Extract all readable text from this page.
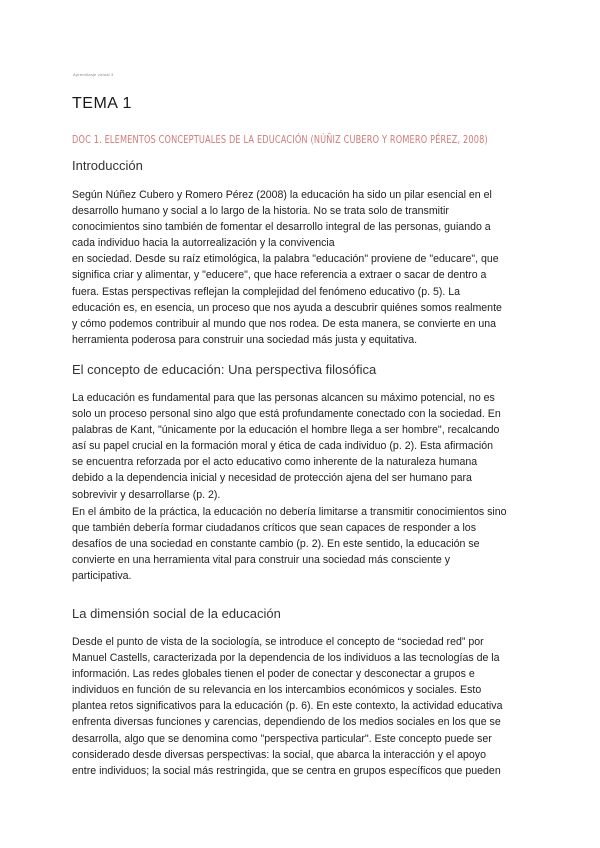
Aprendizaje virtual 3
TEMA 1
DOC 1. ELEMENTOS CONCEPTUALES DE LA EDUCACIÓN (NÚÑIZ CUBERO Y ROMERO PÉREZ, 2008)
Introducción
Según Núñez Cubero y Romero Pérez (2008) la educación ha sido un pilar esencial en el
desarrollo humano y social a lo largo de la historia. No se trata solo de transmitir
conocimientos sino también de fomentar el desarrollo integral de las personas, guiando a
cada individuo hacia la autorrealización y la convivencia
en sociedad. Desde su raíz etimológica, la palabra "educación" proviene de "educare", que
significa criar y alimentar, y "educere", que hace referencia a extraer o sacar de dentro a
fuera. Estas perspectivas reflejan la complejidad del fenómeno educativo (p. 5). La
educación es, en esencia, un proceso que nos ayuda a descubrir quiénes somos realmente
y cómo podemos contribuir al mundo que nos rodea. De esta manera, se convierte en una
herramienta poderosa para construir una sociedad más justa y equitativa.
El concepto de educación: Una perspectiva filosófica
La educación es fundamental para que las personas alcancen su máximo potencial, no es
solo un proceso personal sino algo que está profundamente conectado con la sociedad. En
palabras de Kant, "únicamente por la educación el hombre llega a ser hombre", recalcando
así su papel crucial en la formación moral y ética de cada individuo (p. 2). Esta afirmación
se encuentra reforzada por el acto educativo como inherente de la naturaleza humana
debido a la dependencia inicial y necesidad de protección ajena del ser humano para
sobrevivir y desarrollarse (p. 2).
En el ámbito de la práctica, la educación no debería limitarse a transmitir conocimientos sino
que también debería formar ciudadanos críticos que sean capaces de responder a los
desafíos de una sociedad en constante cambio (p. 2). En este sentido, la educación se
convierte en una herramienta vital para construir una sociedad más consciente y
participativa.
La dimensión social de la educación
Desde el punto de vista de la sociología, se introduce el concepto de “sociedad red” por
Manuel Castells, caracterizada por la dependencia de los individuos a las tecnologías de la
información. Las redes globales tienen el poder de conectar y desconectar a grupos e
individuos en función de su relevancia en los intercambios económicos y sociales. Esto
plantea retos significativos para la educación (p. 6). En este contexto, la actividad educativa
enfrenta diversas funciones y carencias, dependiendo de los medios sociales en los que se
desarrolla, algo que se denomina como "perspectiva particular". Este concepto puede ser
considerado desde diversas perspectivas: la social, que abarca la interacción y el apoyo
entre individuos; la social más restringida, que se centra en grupos específicos que pueden
